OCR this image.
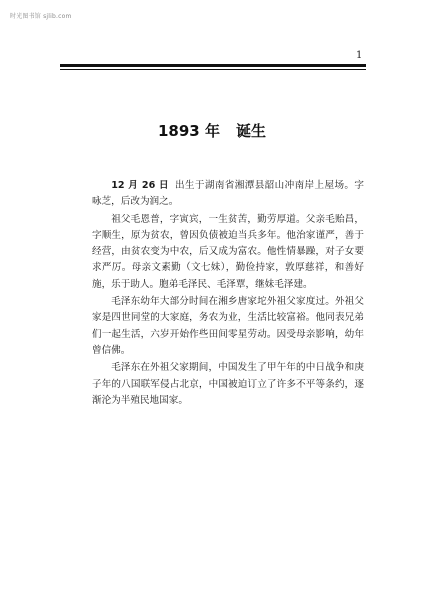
时光图书馆 sjlib.com
1
1893 年 诞生

12 月 26 日 出生于湖南省湘潭县韶山冲南岸上屋场。字咏芝，后改为润之。

祖父毛恩普，字寅宾，一生贫苦，勤劳厚道。父亲毛贻昌，字顺生，原为贫农，曾因负债被迫当兵多年。他治家谨严，善于经营，由贫农变为中农，后又成为富农。他性情暴躁，对子女要求严厉。母亲文素勤（文七妹），勤俭持家，敦厚慈祥，和善好施，乐于助人。胞弟毛泽民、毛泽覃，继妹毛泽建。

毛泽东幼年大部分时间在湘乡唐家坨外祖父家度过。外祖父家是四世同堂的大家庭，务农为业，生活比较富裕。他同表兄弟们一起生活，六岁开始作些田间零星劳动。因受母亲影响，幼年曾信佛。

毛泽东在外祖父家期间，中国发生了甲午年的中日战争和庚子年的八国联军侵占北京，中国被迫订立了许多不平等条约，逐渐沦为半殖民地国家。
